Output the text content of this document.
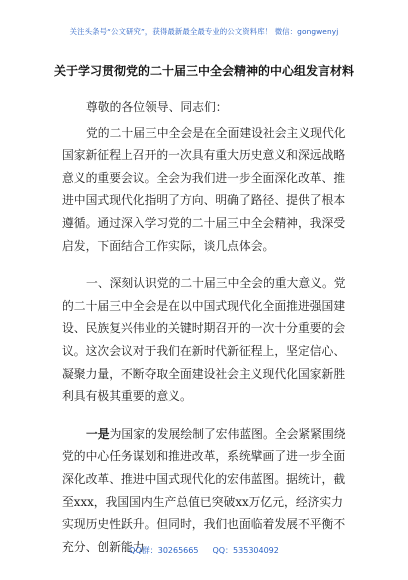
关注头条号“公文研究”，获得最新最全最专业的公文资料库！ 微信：gongwenyj
关于学习贯彻党的二十届三中全会精神的中心组发言材料

尊敬的各位领导、同志们：

党的二十届三中全会是在全面建设社会主义现代化国家新征程上召开的一次具有重大历史意义和深远战略意义的重要会议。全会为我们进一步全面深化改革、推进中国式现代化指明了方向、明确了路径、提供了根本遵循。通过深入学习党的二十届三中全会精神，我深受启发，下面结合工作实际，谈几点体会。

一、深刻认识党的二十届三中全会的重大意义。党的二十届三中全会是在以中国式现代化全面推进强国建设、民族复兴伟业的关键时期召开的一次十分重要的会议。这次会议对于我们在新时代新征程上，坚定信心、凝聚力量，不断夺取全面建设社会主义现代化国家新胜利具有极其重要的意义。

一是为国家的发展绘制了宏伟蓝图。全会紧紧围绕党的中心任务谋划和推进改革，系统擘画了进一步全面深化改革、推进中国式现代化的宏伟蓝图。据统计，截至xxx，我国国内生产总值已突破xx万亿元，经济实力实现历史性跃升。但同时，我们也面临着发展不平衡不充分、创新能力

QQ群：30265665 QQ：535304092
